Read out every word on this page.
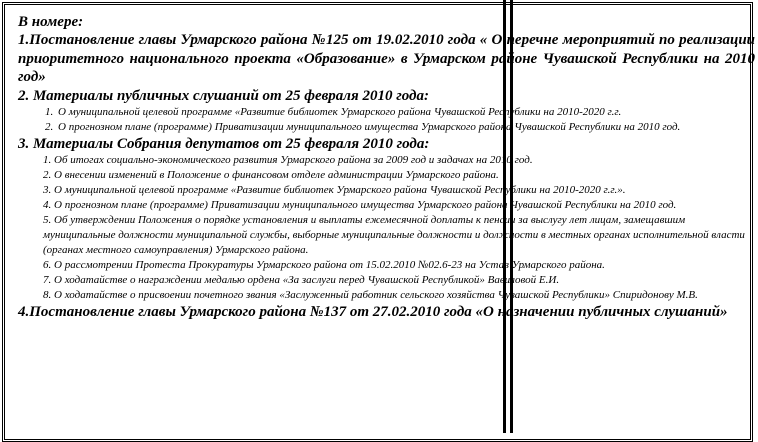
В номере:
1.Постановление главы Урмарского района №125 от 19.02.2010 года « О перечне мероприятий по реализации приоритетного национального проекта «Образование» в Урмарском районе Чувашской Республики на 2010 год»
2. Материалы публичных слушаний от 25 февраля 2010 года:
1. О муниципальной целевой программе «Развитие библиотек Урмарского района Чувашской Республики на 2010-2020 г.г.
2. О прогнозном плане (программе) Приватизации муниципального имущества Урмарского района Чувашской Республики на 2010 год.
3. Материалы Собрания депутатов от 25 февраля 2010 года:

1. Об итогах социально-экономического развития Урмарского района за 2009 год и задачах на 2010 год.

2. О внесении изменений в Положение о финансовом отделе администрации Урмарского района.

3. О муниципальной целевой программе «Развитие библиотек Урмарского района Чувашской Республики на 2010-2020 г.г.».

4. О прогнозном плане (программе) Приватизации муниципального имущества Урмарского района Чувашской Республики на 2010 год.

5. Об утверждении Положения о порядке установления и выплаты ежемесячной доплаты к пенсии за выслугу лет лицам, замещавшим муниципальные должности муниципальной службы, выборные муниципальные должности и должности в местных органах исполнительной власти (органах местного самоуправления) Урмарского района.

6. О рассмотрении Протеста Прокуратуры Урмарского района от 15.02.2010 №02.6-23 на Устав Урмарского района.

7. О ходатайстве о награждении медалью ордена «За заслуги перед Чувашской Республикой» Вавиловой Е.И.

8. О ходатайстве о присвоении почетного звания «Заслуженный работник сельского хозяйства Чувашской Республики» Спиридонову М.В.

4.Постановление главы Урмарского района №137 от 27.02.2010 года «О назначении публичных слушаний»
